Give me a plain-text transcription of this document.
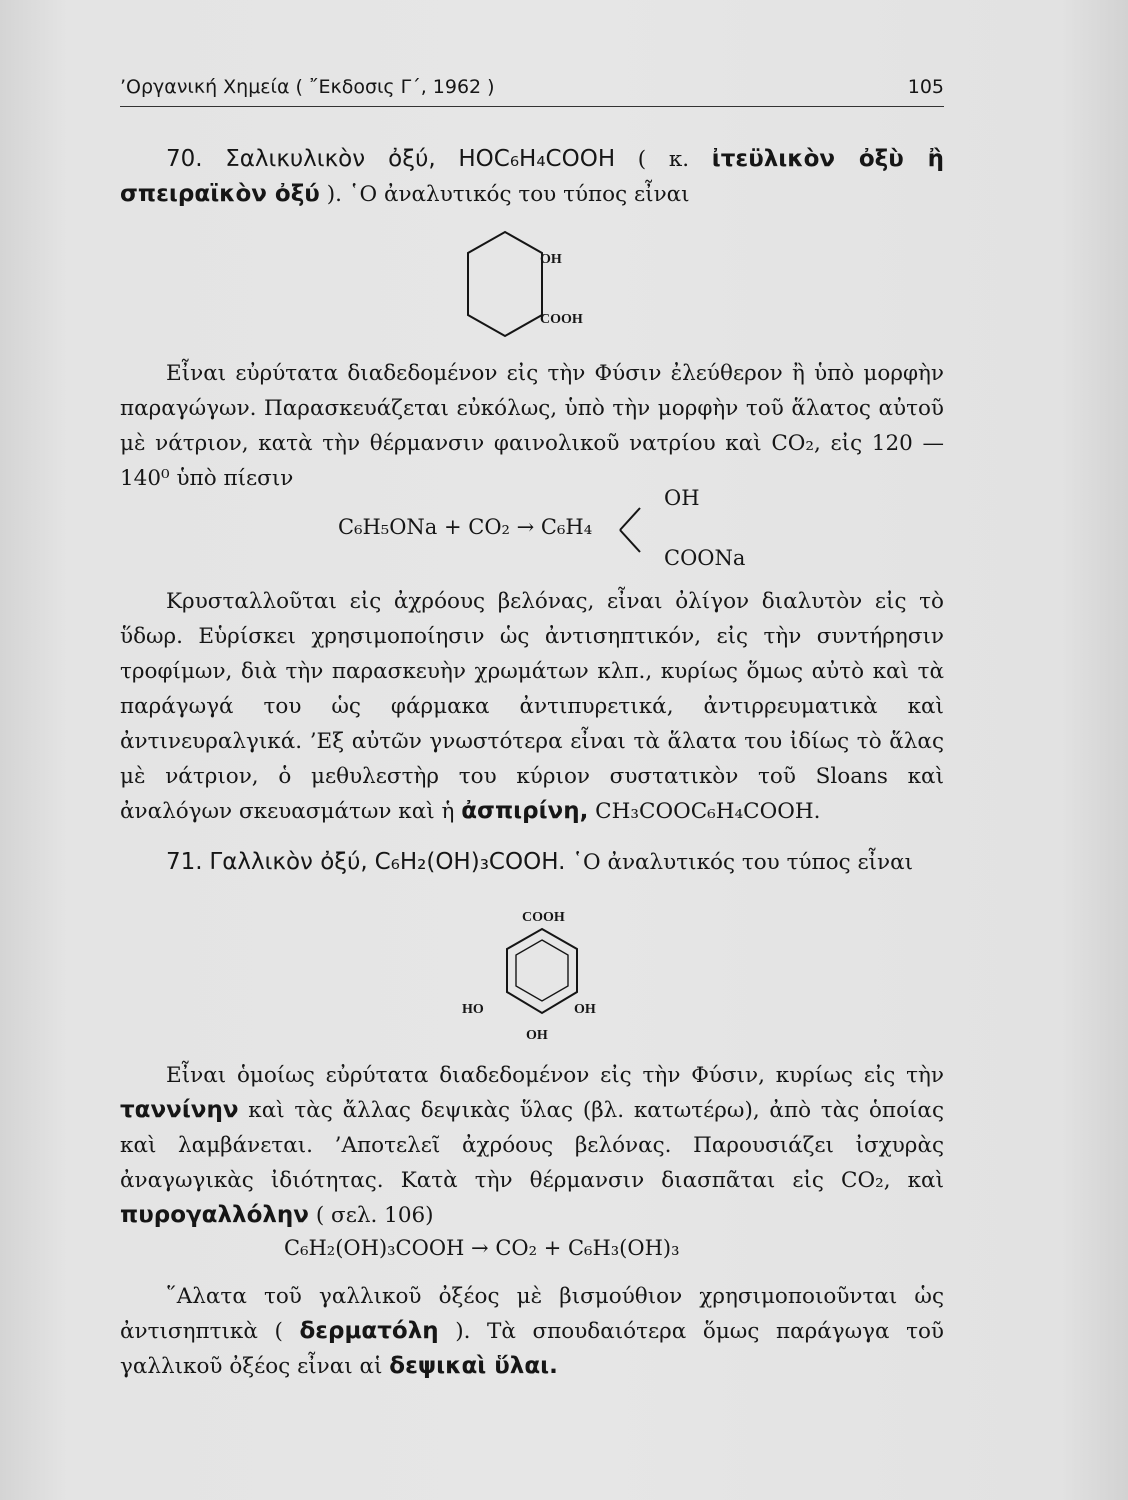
’Οργανική Χημεία ( ῎Εκδοσις Γ΄, 1962 )	105

70. Σαλικυλικὸν ὀξύ, HOC₆H₄COOH ( κ. ἰτεϋλικὸν ὀξὺ ἢ σπειραϊκὸν ὀξύ ). ῾Ο ἀναλυτικός του τύπος εἶναι

OH
COOH

Εἶναι εὐρύτατα διαδεδομένον εἰς τὴν Φύσιν ἐλεύθερον ἢ ὑπὸ μορφὴν παραγώγων. Παρασκευάζεται εὐκόλως, ὑπὸ τὴν μορφὴν τοῦ ἅλατος αὐτοῦ μὲ νάτριον, κατὰ τὴν θέρμανσιν φαινολικοῦ νατρίου καὶ CO₂, εἰς 120 — 140⁰ ὑπὸ πίεσιν

C₆H₅ONa + CO₂ → C₆H₄
OH
COONa

Κρυσταλλοῦται εἰς ἀχρόους βελόνας, εἶναι ὀλίγον διαλυτὸν εἰς τὸ ὕδωρ. Εὑρίσκει χρησιμοποίησιν ὡς ἀντισηπτικόν, εἰς τὴν συντήρησιν τροφίμων, διὰ τὴν παρασκευὴν χρωμάτων κλπ., κυρίως ὅμως αὐτὸ καὶ τὰ παράγωγά του ὡς φάρμακα ἀντιπυρετικά, ἀντιρρευματικὰ καὶ ἀντινευραλγικά. ’Εξ αὐτῶν γνωστότερα εἶναι τὰ ἅλατα του ἰδίως τὸ ἅλας μὲ νάτριον, ὁ μεθυλεστὴρ του κύριον συστατικὸν τοῦ Sloans καὶ ἀναλόγων σκευασμάτων καὶ ἡ ἀσπιρίνη, CH₃COOC₆H₄COOH.

71. Γαλλικὸν ὀξύ, C₆H₂(OH)₃COOH. ῾Ο ἀναλυτικός του τύπος εἶναι

COOH
HO	OH
OH

Εἶναι ὁμοίως εὐρύτατα διαδεδομένον εἰς τὴν Φύσιν, κυρίως εἰς τὴν ταννίνην καὶ τὰς ἄλλας δεψικὰς ὕλας (βλ. κατωτέρω), ἀπὸ τὰς ὁποίας καὶ λαμβάνεται. ’Αποτελεῖ ἀχρόους βελόνας. Παρουσιάζει ἰσχυρὰς ἀναγωγικὰς ἰδιότητας. Κατὰ τὴν θέρμανσιν διασπᾶται εἰς CO₂, καὶ πυρογαλλόλην ( σελ. 106)

C₆H₂(OH)₃COOH → CO₂ + C₆H₃(OH)₃

῞Αλατα τοῦ γαλλικοῦ ὀξέος μὲ βισμούθιον χρησιμοποιοῦνται ὡς ἀντισηπτικὰ ( δερματόλη ). Τὰ σπουδαιότερα ὅμως παράγωγα τοῦ γαλλικοῦ ὀξέος εἶναι αἱ δεψικαὶ ὕλαι.
